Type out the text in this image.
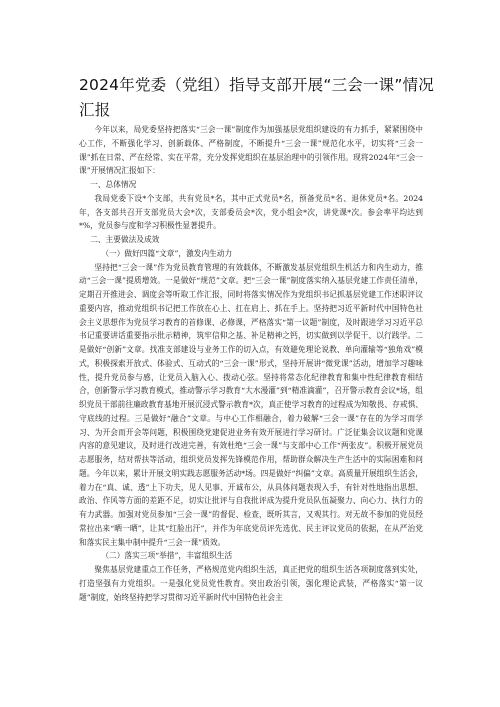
2024年党委（党组）指导支部开展“三会一课”情况汇报

今年以来，局党委坚持把落实“三会一课”制度作为加强基层党组织建设的有力抓手，紧紧围绕中心工作，不断强化学习、创新载体、严格制度，不断提升“三会一课”规范化水平，切实将“三会一课”抓在日常、严在经常、实在平常，充分发挥党组织在基层治理中的引领作用。现将2024年“三会一课”开展情况汇报如下：

一、总体情况

我局党委下设*个支部，共有党员*名，其中正式党员*名，预备党员*名、退休党员*名。2024年，各支部共召开支部党员大会*次，支部委员会*次，党小组会*次，讲党课*次。参会率平均达到*%，党员参与度和学习积极性显著提升。

二、主要做法及成效

（一）做好四篇“文章”，激发内生动力

坚持把“三会一课”作为党员教育管理的有效载体，不断激发基层党组织生机活力和内生动力，推动“三会一课”提质增效。一是做好“规范”文章。把“三会一课”制度落实纳入基层党建工作责任清单，定期召开推进会、调度会等听取工作汇报，同时将落实情况作为党组织书记抓基层党建工作述职评议重要内容，推动党组织书记把工作放在心上、扛在肩上、抓在手上。坚持把习近平新时代中国特色社会主义思想作为党员学习教育的首修课、必修课，严格落实“第一议题”制度，及时跟进学习习近平总书记重要讲话重要指示批示精神，筑牢信仰之基、补足精神之钙，切实做到以学促干、以行践学。二是做好“创新”文章。找准支部建设与业务工作的切入点，有效避免理论说教、单向灌输等“独角戏”模式，积极探索开放式、体验式、互动式的“三会一课”形式，坚持开展讲“微党课”活动，增加学习趣味性，提升党员参与感，让党员入脑入心、拨动心弦。坚持将常态化纪律教育和集中性纪律教育相结合，创新警示学习教育模式，推动警示学习教育“大水漫灌”到“精准滴灌”，召开警示教育会议*场，组织党员干部前往廉政教育基地开展沉浸式警示教育*次，真正使学习教育的过程成为知敬畏、存戒惧、守底线的过程。三是做好“融合”文章。与中心工作相融合，着力破解“三会一课”存在的为学习而学习、为开会而开会等问题，积极围绕党建促进业务有效开展进行学习研讨。广泛征集会议议题和党课内容的意见建议，及时进行改进完善，有效杜绝“三会一课”与支部中心工作“两张皮”。积极开展党员志愿服务，结对帮扶等活动，组织党员发挥先锋模范作用，帮助群众解决生产生活中的实际困难和问题。今年以来，累计开展文明实践志愿服务活动*场。四是做好“纠偏”文章。高质量开展组织生活会，着力在“真、诚、透”上下功夫，见人见事、开诚布公，从具体问题表现入手，有针对性地指出思想、政治、作风等方面的差距不足，切实让批评与自我批评成为提升党员队伍凝聚力、向心力、执行力的有力武器。加强对党员参加“三会一课”的督促、检查，既听其言，又观其行。对无故不参加的党员经常拉出来“晒一晒”，让其“红脸出汗”，并作为年底党员评先选优、民主评议党员的依据，在从严治党和落实民主集中制中提升“三会一课”质效。

（二）落实三项“举措”，丰富组织生活

聚焦基层党建重点工作任务，严格规范党内组织生活，真正把党的组织生活各项制度落到实处，打造坚强有力党组织。一是强化党员党性教育。突出政治引领，强化理论武装，严格落实“第一议题”制度，始终坚持把学习贯彻习近平新时代中国特色社会主
